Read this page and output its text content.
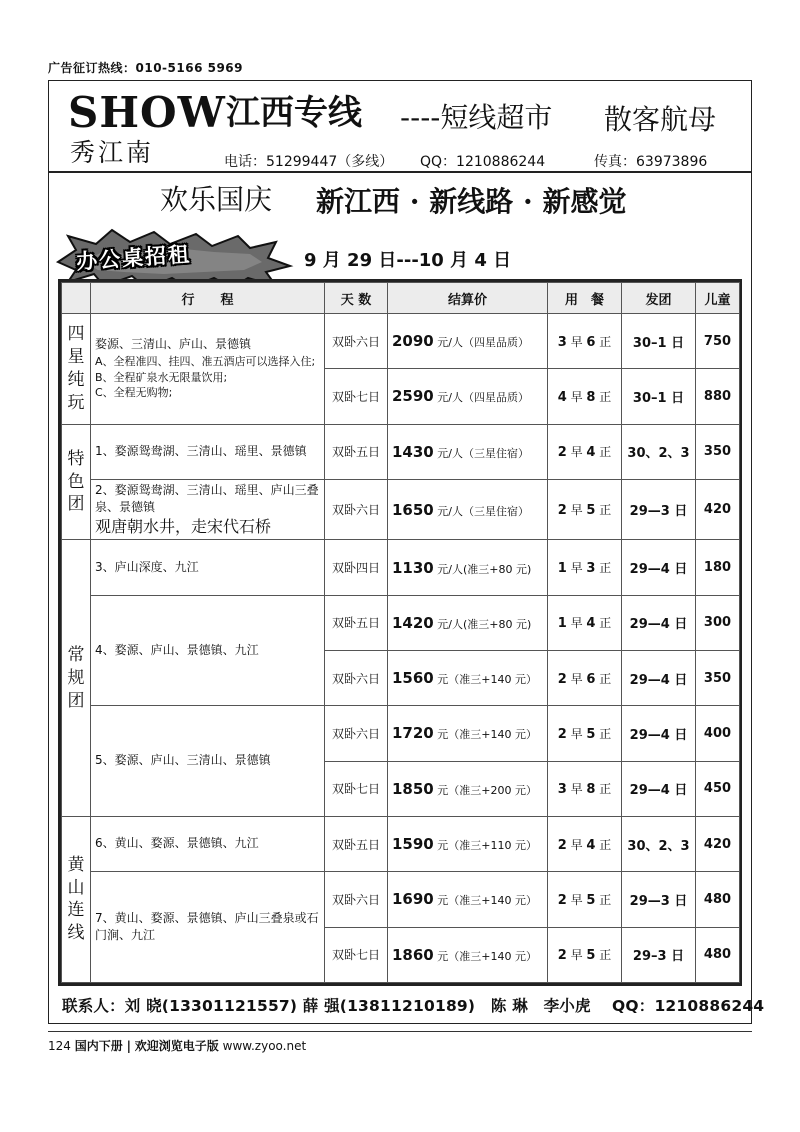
广告征订热线：010-5166 5969
SHOW
秀江南
江西专线 ----短线超市 散客航母
电话：51299447（多线） QQ：1210886244	传真：63973896
欢乐国庆 新江西 · 新线路 · 新感觉
办公桌招租	9 月 29 日---10 月 4 日
	行　　程	天 数	结算价	用　餐	发团	儿童
四星纯玩	婺源、三清山、庐山、景德镇
A、全程准四、挂四、准五酒店可以选择入住;
B、全程矿泉水无限量饮用;
C、全程无购物;	双卧六日	2090 元/人（四星品质）	3 早 6 正	30–1 日	750
		双卧七日	2590 元/人（四星品质）	4 早 8 正	30–1 日	880
特色团	1、婺源鸳鸯湖、三清山、瑶里、景德镇	双卧五日	1430 元/人（三星住宿）	2 早 4 正	30、2、3	350

	2、婺源鸳鸯湖、三清山、瑶里、庐山三叠泉、景德镇
观唐朝水井，走宋代石桥	双卧六日	1650 元/人（三星住宿）	2 早 5 正	29—3 日	420
常规团	3、庐山深度、九江	双卧四日	1130 元/人(准三+80 元)	1 早 3 正	29—4 日	180
	4、婺源、庐山、景德镇、九江	双卧五日	1420 元/人(准三+80 元)	1 早 4 正	29—4 日	300
		双卧六日	1560 元（准三+140 元）	2 早 6 正	29—4 日	350
	5、婺源、庐山、三清山、景德镇	双卧六日	1720 元（准三+140 元）	2 早 5 正	29—4 日	400
		双卧七日	1850 元（准三+200 元）	3 早 8 正	29—4 日	450
黄山连线	6、黄山、婺源、景德镇、九江	双卧五日	1590 元（准三+110 元）	2 早 4 正	30、2、3	420
	7、黄山、婺源、景德镇、庐山三叠泉或石门涧、九江	双卧六日	1690 元（准三+140 元）	2 早 5 正	29—3 日	480
		双卧七日	1860 元（准三+140 元）	2 早 5 正	29–3 日	480
联系人：刘 晓(13301121557) 薛 强(13811210189)　陈 琳　李小虎　 QQ：1210886244
124 国内下册 | 欢迎浏览电子版 www.zyoo.net
